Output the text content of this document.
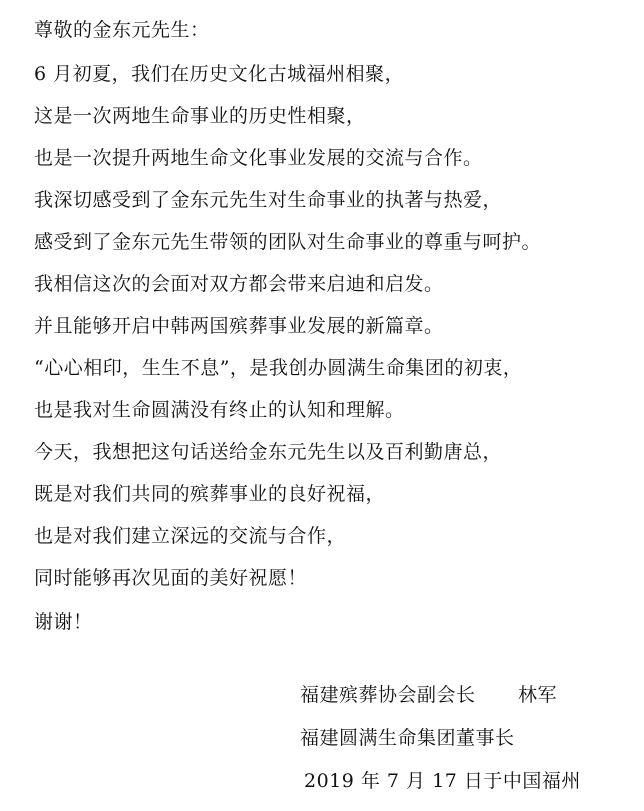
尊敬的金东元先生：
6 月初夏，我们在历史文化古城福州相聚，
这是一次两地生命事业的历史性相聚，
也是一次提升两地生命文化事业发展的交流与合作。
我深切感受到了金东元先生对生命事业的执著与热爱，
感受到了金东元先生带领的团队对生命事业的尊重与呵护。
我相信这次的会面对双方都会带来启迪和启发。
并且能够开启中韩两国殡葬事业发展的新篇章。
“心心相印，生生不息”，是我创办圆满生命集团的初衷，
也是我对生命圆满没有终止的认知和理解。
今天，我想把这句话送给金东元先生以及百利勤唐总，
既是对我们共同的殡葬事业的良好祝福，
也是对我们建立深远的交流与合作，
同时能够再次见面的美好祝愿！
谢谢！
福建殡葬协会副会长 林军
福建圆满生命集团董事长
2019 年 7 月 17 日于中国福州
